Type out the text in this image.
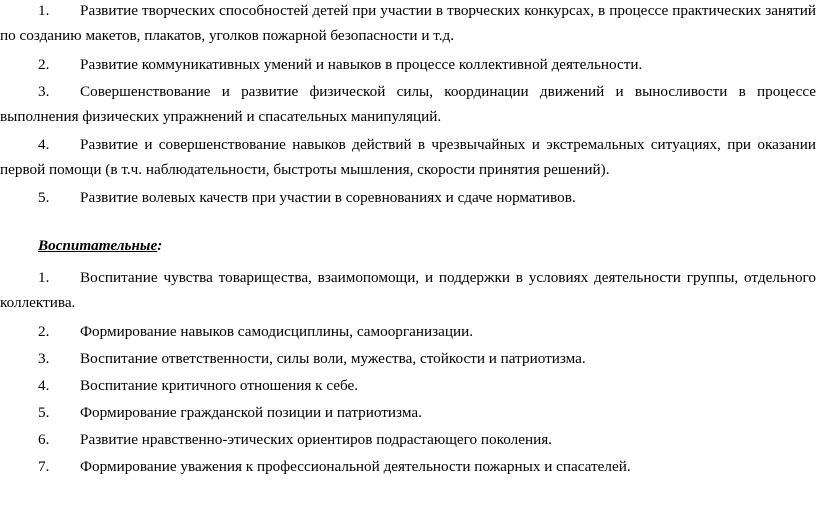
1. Развитие творческих способностей детей при участии в творческих конкурсах, в процессе практических занятий по созданию макетов, плакатов, уголков пожарной безопасности и т.д.

2. Развитие коммуникативных умений и навыков в процессе коллективной деятельности.

3. Совершенствование и развитие физической силы, координации движений и выносливости в процессе выполнения физических упражнений и спасательных манипуляций.

4. Развитие и совершенствование навыков действий в чрезвычайных и экстремальных ситуациях, при оказании первой помощи (в т.ч. наблюдательности, быстроты мышления, скорости принятия решений).

5. Развитие волевых качеств при участии в соревнованиях и сдаче нормативов.

Воспитательные:

1. Воспитание чувства товарищества, взаимопомощи, и поддержки в условиях деятельности группы, отдельного коллектива.

2. Формирование навыков самодисциплины, самоорганизации.

3. Воспитание ответственности, силы воли, мужества, стойкости и патриотизма.

4. Воспитание критичного отношения к себе.

5. Формирование гражданской позиции и патриотизма.

6. Развитие нравственно-этических ориентиров подрастающего поколения.

7. Формирование уважения к профессиональной деятельности пожарных и спасателей.
